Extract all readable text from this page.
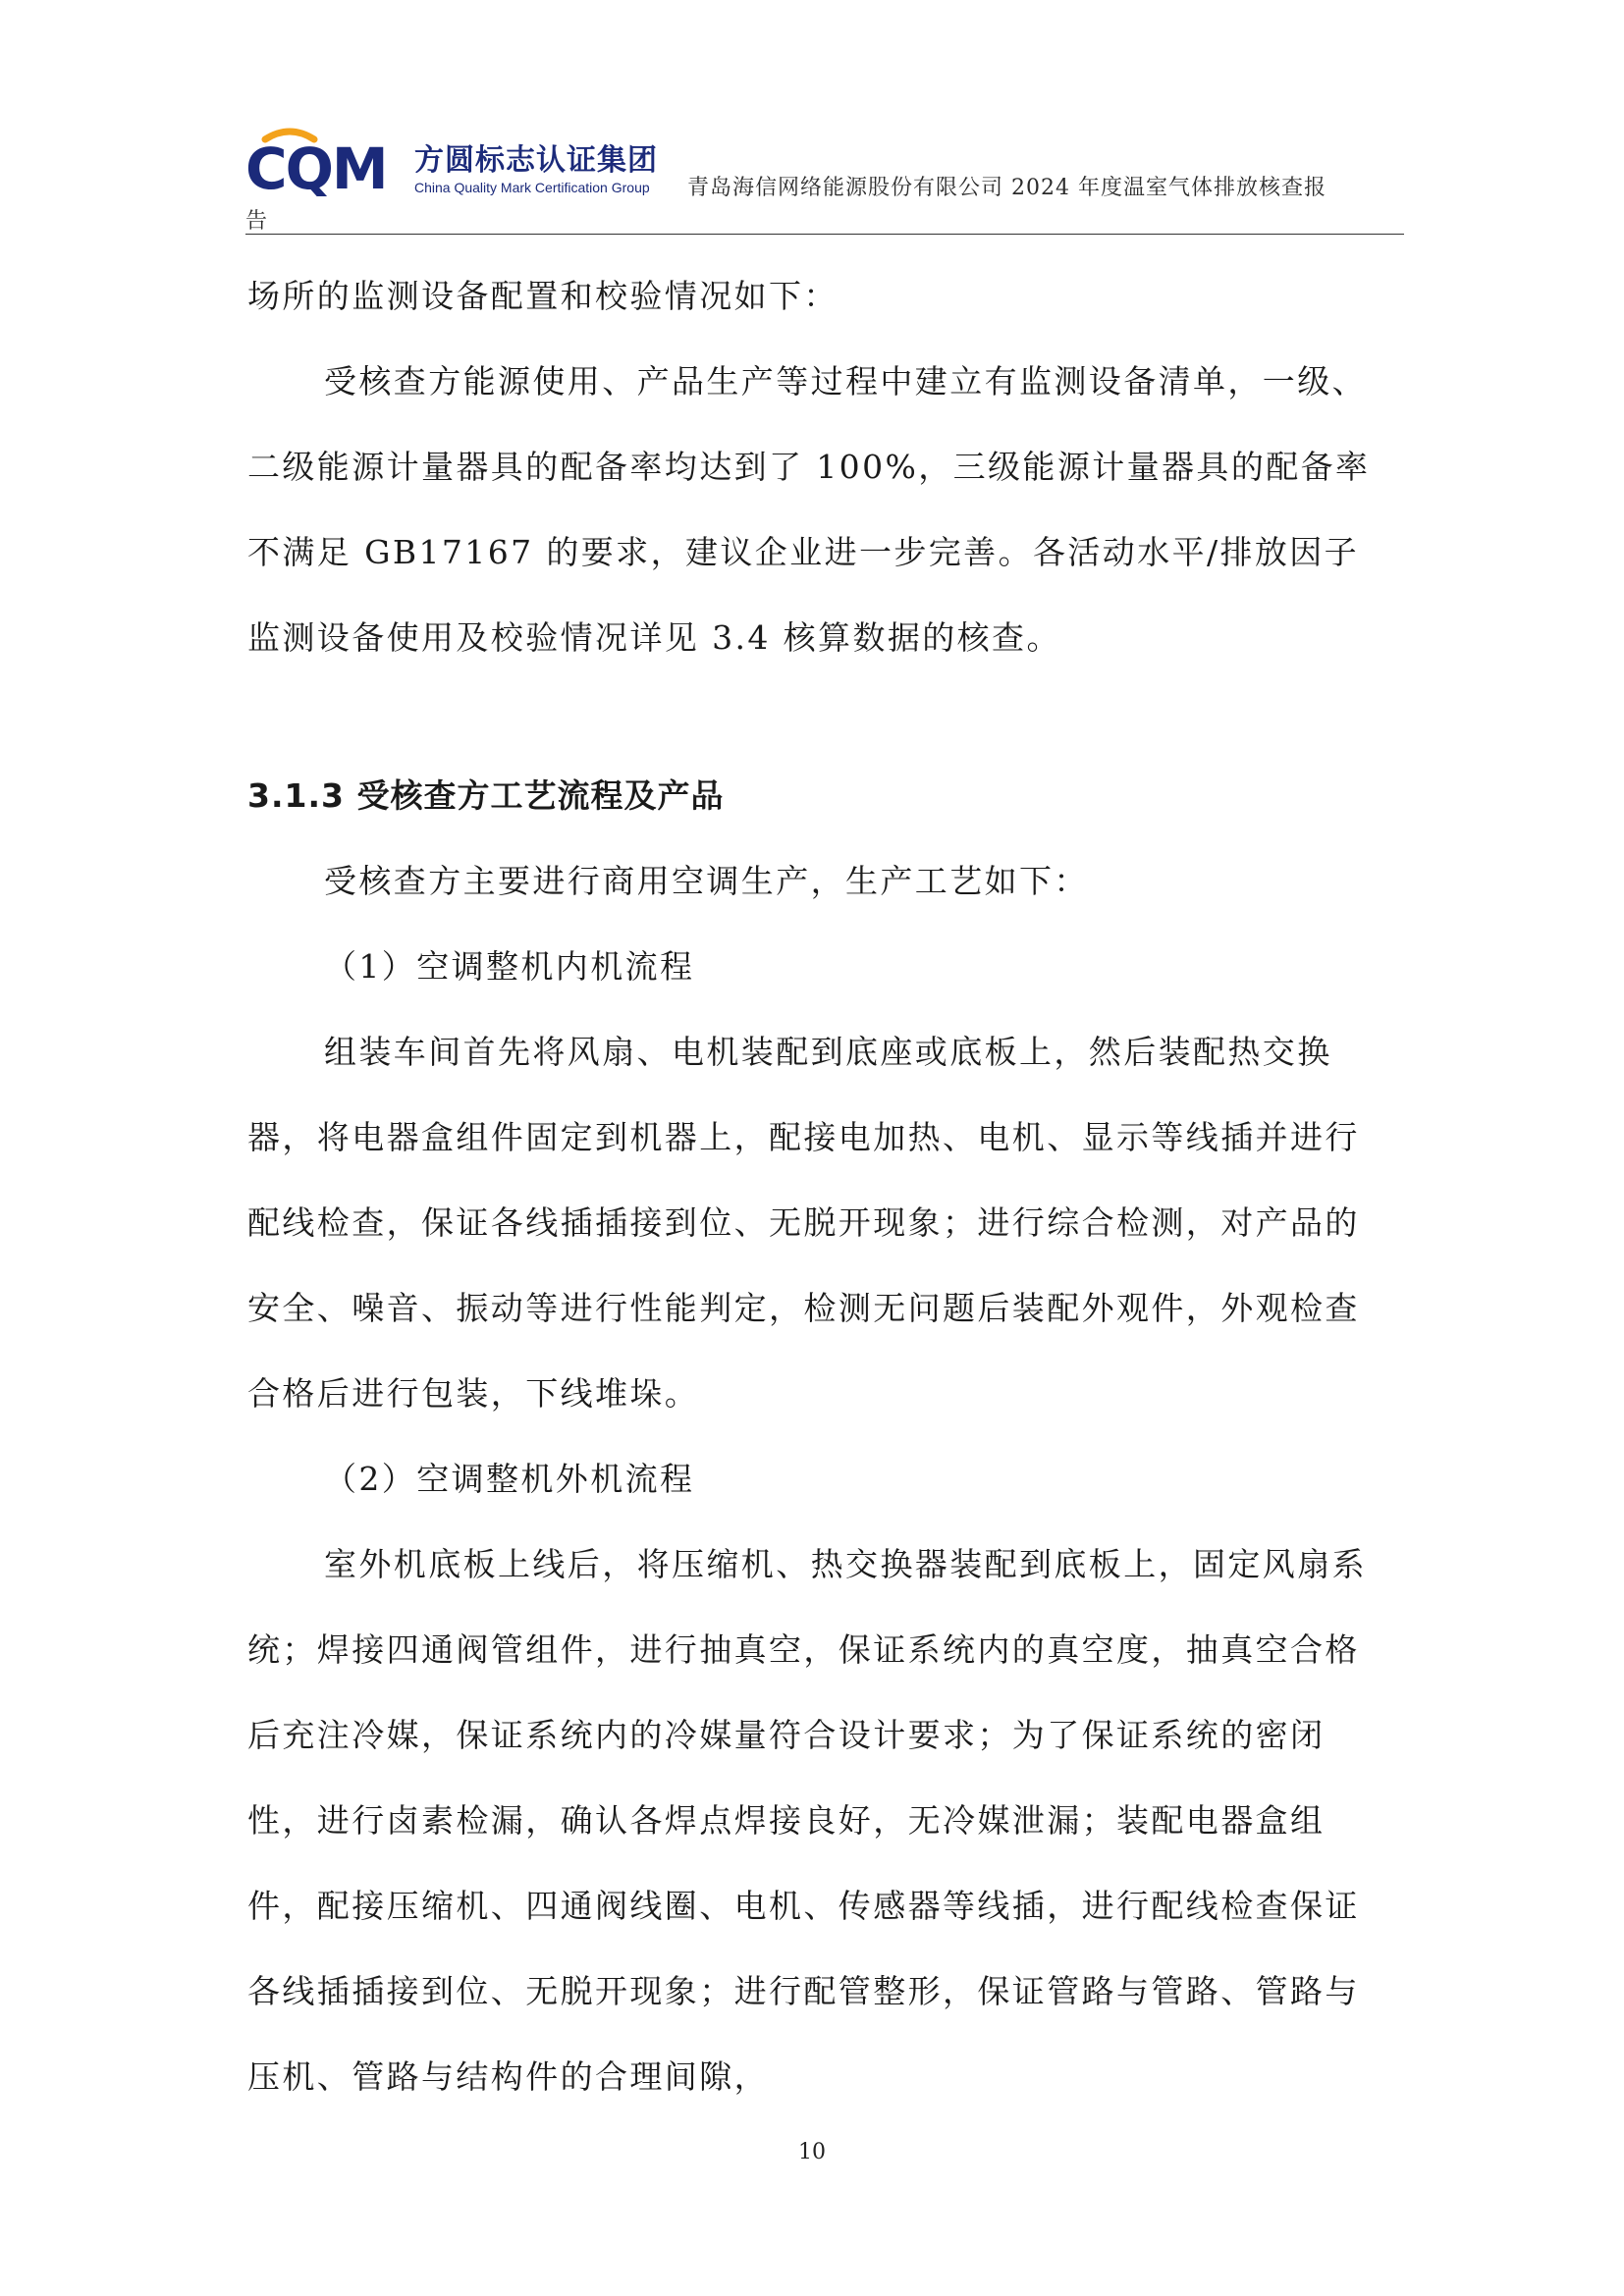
CQM 方圆标志认证集团
China Quality Mark Certification Group	青岛海信网络能源股份有限公司 2024 年度温室气体排放核查报
告

场所的监测设备配置和校验情况如下：

受核查方能源使用、产品生产等过程中建立有监测设备清单，一级、二级能源计量器具的配备率均达到了 100%，三级能源计量器具的配备率不满足 GB17167 的要求，建议企业进一步完善。各活动水平/排放因子监测设备使用及校验情况详见 3.4 核算数据的核查。

3.1.3 受核查方工艺流程及产品

受核查方主要进行商用空调生产，生产工艺如下：

（1）空调整机内机流程

组装车间首先将风扇、电机装配到底座或底板上，然后装配热交换器，将电器盒组件固定到机器上，配接电加热、电机、显示等线插并进行配线检查，保证各线插插接到位、无脱开现象；进行综合检测，对产品的安全、噪音、振动等进行性能判定，检测无问题后装配外观件，外观检查合格后进行包装，下线堆垛。

（2）空调整机外机流程

室外机底板上线后，将压缩机、热交换器装配到底板上，固定风扇系统；焊接四通阀管组件，进行抽真空，保证系统内的真空度，抽真空合格后充注冷媒，保证系统内的冷媒量符合设计要求；为了保证系统的密闭性，进行卤素检漏，确认各焊点焊接良好，无冷媒泄漏；装配电器盒组件，配接压缩机、四通阀线圈、电机、传感器等线插，进行配线检查保证各线插插接到位、无脱开现象；进行配管整形，保证管路与管路、管路与压机、管路与结构件的合理间隙，

10
